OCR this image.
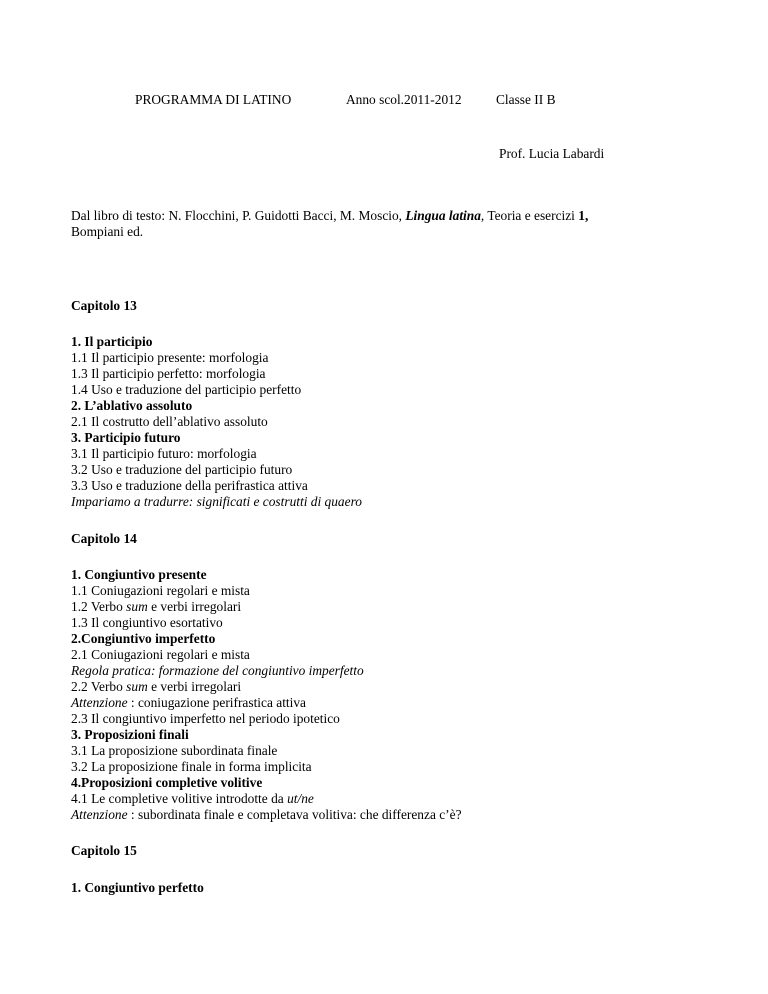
PROGRAMMA DI LATINO	Anno scol.2011-2012	Classe II B
Prof. Lucia Labardi
Dal libro di testo: N. Flocchini, P. Guidotti Bacci, M. Moscio, Lingua latina, Teoria e esercizi 1,
Bompiani ed.
Capitolo 13
1. Il participio
1.1 Il participio presente: morfologia
1.3 Il participio perfetto: morfologia
1.4 Uso e traduzione del participio perfetto
2. L’ablativo assoluto
2.1 Il costrutto dell’ablativo assoluto
3. Participio futuro
3.1 Il participio futuro: morfologia
3.2 Uso e traduzione del participio futuro
3.3 Uso e traduzione della perifrastica attiva
Impariamo a tradurre: significati e costrutti di quaero
Capitolo 14
1. Congiuntivo presente
1.1 Coniugazioni regolari e mista
1.2 Verbo sum e verbi irregolari
1.3 Il congiuntivo esortativo
2.Congiuntivo imperfetto
2.1 Coniugazioni regolari e mista
Regola pratica: formazione del congiuntivo imperfetto
2.2 Verbo sum e verbi irregolari
Attenzione : coniugazione perifrastica attiva
2.3 Il congiuntivo imperfetto nel periodo ipotetico
3. Proposizioni finali
3.1 La proposizione subordinata finale
3.2 La proposizione finale in forma implicita
4.Proposizioni completive volitive
4.1 Le completive volitive introdotte da ut/ne
Attenzione : subordinata finale e completava volitiva: che differenza c’è?
Capitolo 15
1. Congiuntivo perfetto
